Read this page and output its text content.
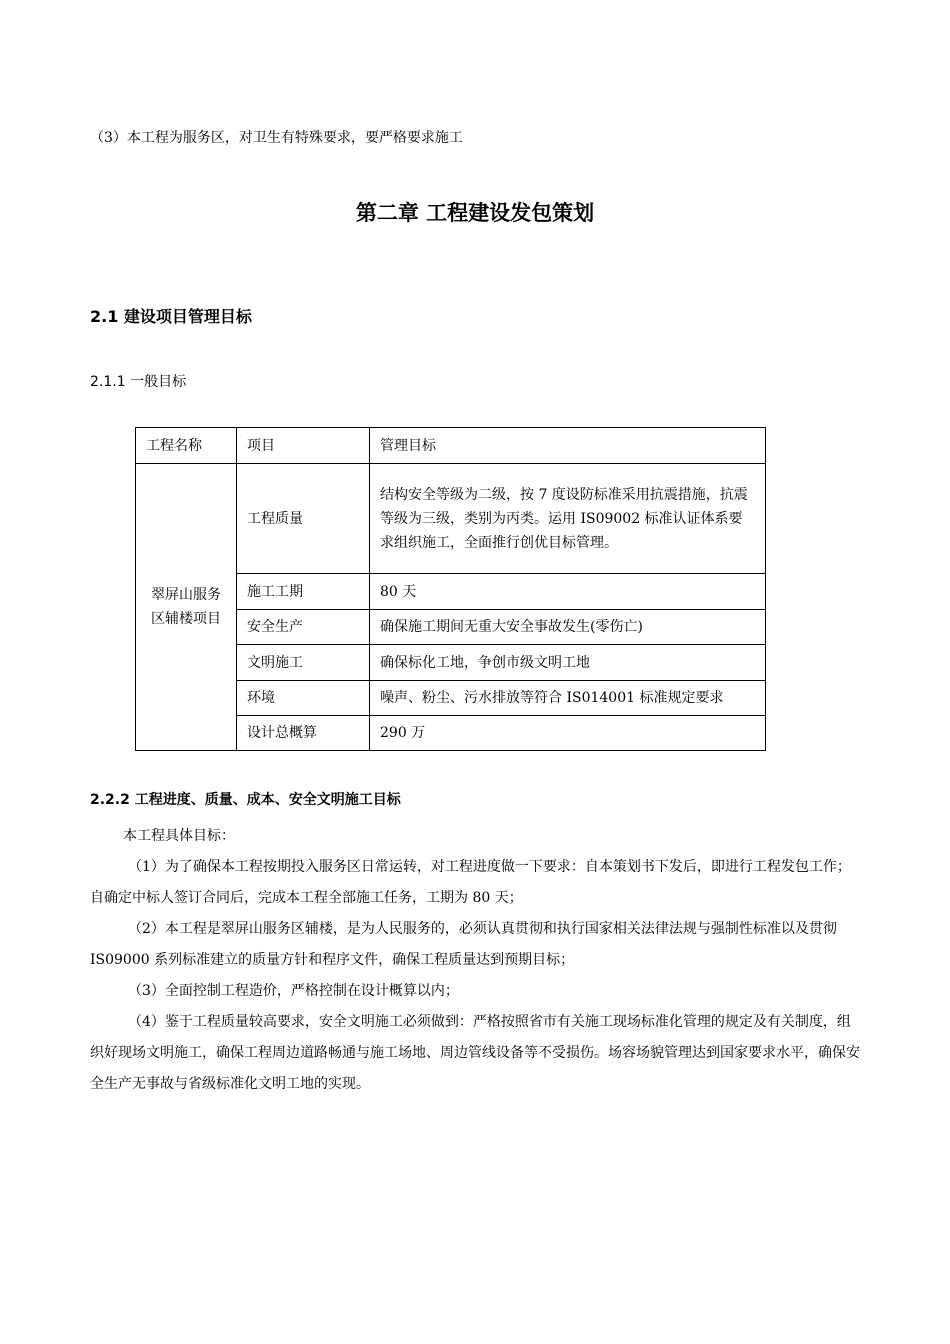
（3）本工程为服务区，对卫生有特殊要求，要严格要求施工
第二章 工程建设发包策划
2.1 建设项目管理目标
2.1.1 一般目标
工程名称	项目	管理目标
翠屏山服务区辅楼项目	工程质量	结构安全等级为二级，按 7 度设防标准采用抗震措施，抗震等级为三级，类别为丙类。运用 IS09002 标准认证体系要求组织施工，全面推行创优目标管理。
	施工工期	80 天
	安全生产	确保施工期间无重大安全事故发生(零伤亡)
	文明施工	确保标化工地，争创市级文明工地
	环境	噪声、粉尘、污水排放等符合 IS014001 标准规定要求
	设计总概算	290 万
2.2.2 工程进度、质量、成本、安全文明施工目标

本工程具体目标：

（1）为了确保本工程按期投入服务区日常运转，对工程进度做一下要求：自本策划书下发后，即进行工程发包工作；自确定中标人签订合同后，完成本工程全部施工任务，工期为 80 天；

（2）本工程是翠屏山服务区辅楼，是为人民服务的，必须认真贯彻和执行国家相关法律法规与强制性标准以及贯彻 IS09000 系列标准建立的质量方针和程序文件，确保工程质量达到预期目标；

（3）全面控制工程造价，严格控制在设计概算以内；

（4）鉴于工程质量较高要求，安全文明施工必须做到：严格按照省市有关施工现场标准化管理的规定及有关制度，组织好现场文明施工，确保工程周边道路畅通与施工场地、周边管线设备等不受损伤。场容场貌管理达到国家要求水平，确保安全生产无事故与省级标准化文明工地的实现。
